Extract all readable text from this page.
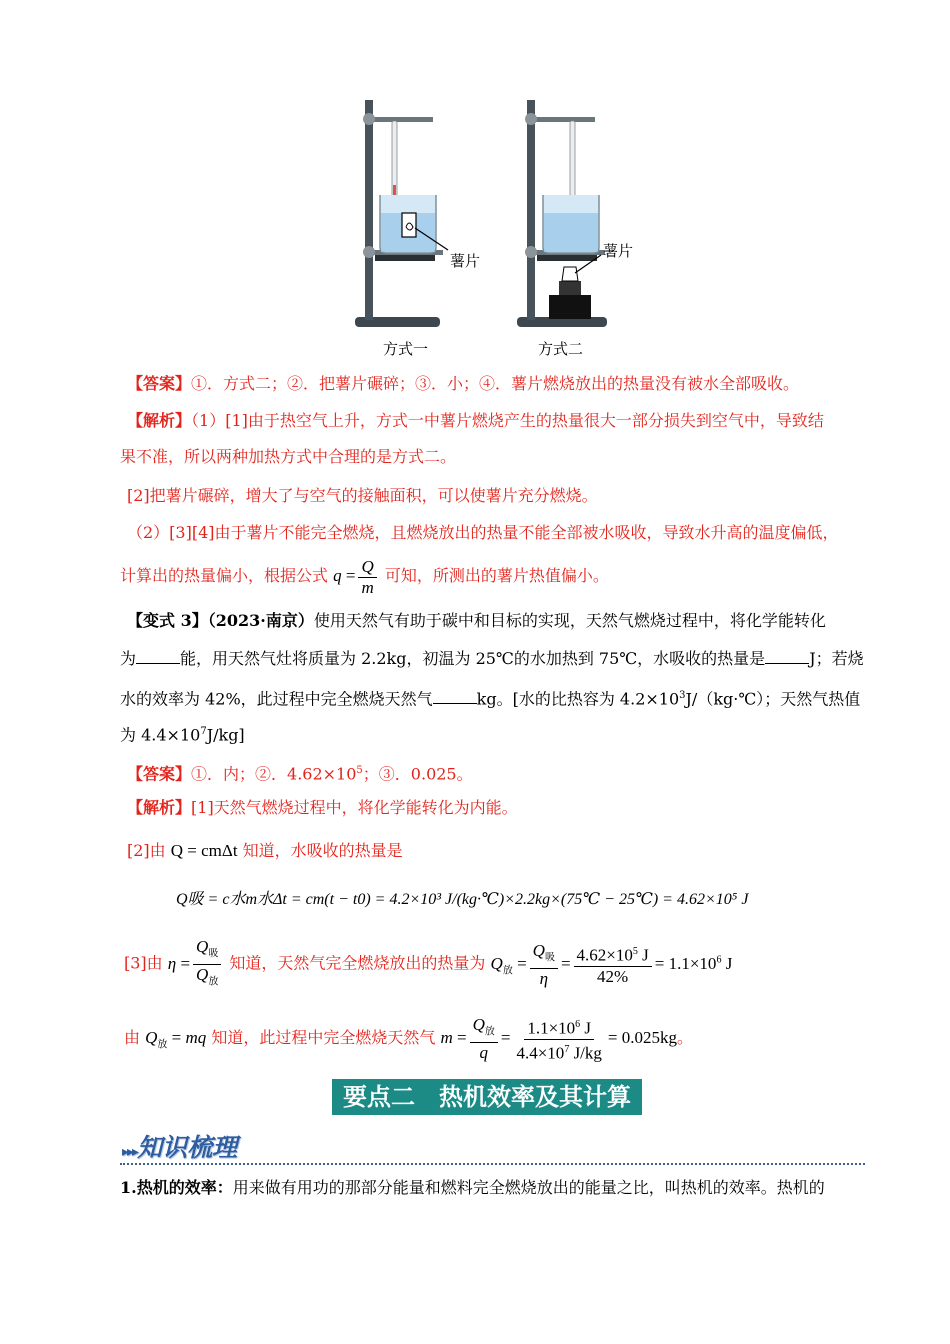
薯片
薯片
方式一	方式二
【答案】①．方式二；②．把薯片碾碎；③．小；④．薯片燃烧放出的热量没有被水全部吸收。
【解析】（1）[1]由于热空气上升，方式一中薯片燃烧产生的热量很大一部分损失到空气中，导致结
果不准，所以两种加热方式中合理的是方式二。
[2]把薯片碾碎，增大了与空气的接触面积，可以使薯片充分燃烧。
（2）[3][4]由于薯片不能完全燃烧，且燃烧放出的热量不能全部被水吸收，导致水升高的温度偏低，
计算出的热量偏小，根据公式 $q = \frac{Q}{m}$ 可知，所测出的薯片热值偏小。
【变式 3】（2023·南京）使用天然气有助于碳中和目标的实现，天然气燃烧过程中，将化学能转化
为	能，用天然气灶将质量为 2.2kg，初温为 25℃的水加热到 75℃，水吸收的热量是	J；若烧
水的效率为 42%，此过程中完全燃烧天然气	kg。[水的比热容为 $4.2\times 10^3J/(kg\cdot℃)$；天然气热值
为 $4.4\times 10^7J/kg$]
【答案】①．内；②．$4.62\times 10^5$；③．0.025。
【解析】[1]天然气燃烧过程中，将化学能转化为内能。
[2]由 Q = cmΔt 知道，水吸收的热量是
Q吸 = c水m水Δt = cm(t − t0) = 4.2×10³ J/(kg·℃)×2.2kg×(75℃ − 25℃) = 4.62×10⁵ J
[3]由 $\eta = \frac{Q_吸}{Q_放}$ 知道，天然气完全燃烧放出的热量为 $Q_放 = \frac{Q_吸}{\eta} = \frac{4.62\times 10^5 J}{42\%} = 1.1\times 10^6$ J
由 $Q_放$ = mq 知道，此过程中完全燃烧天然气 $m = \frac{Q_放}{q} = \frac{1.1\times 10^6 J}{4.4\times 10^7 J/kg} = 0.025kg$。
要点二　热机效率及其计算
▸▸▸知识梳理
1.热机的效率：用来做有用功的那部分能量和燃料完全燃烧放出的能量之比，叫热机的效率。热机的
